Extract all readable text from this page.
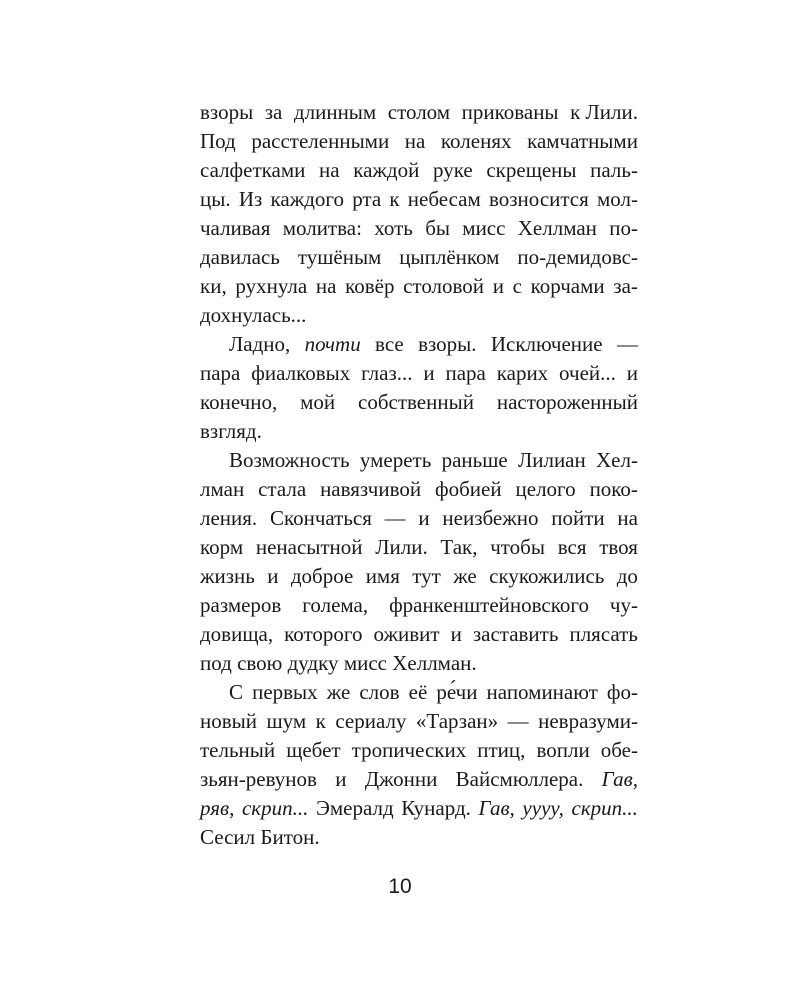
взоры за длинным столом прикованы к Лили.
Под расстеленными на коленях камчатными
салфетками на каждой руке скрещены паль-
цы. Из каждого рта к небесам возносится мол-
чаливая молитва: хоть бы мисс Хеллман по-
давилась тушёным цыплёнком по-демидовс-
ки, рухнула на ковёр столовой и с корчами за-
дохнулась...
Ладно, почти все взоры. Исключение —
пара фиалковых глаз... и пара карих очей... и
конечно, мой собственный настороженный
взгляд.
Возможность умереть раньше Лилиан Хел-
лман стала навязчивой фобией целого поко-
ления. Скончаться — и неизбежно пойти на
корм ненасытной Лили. Так, чтобы вся твоя
жизнь и доброе имя тут же скукожились до
размеров голема, франкенштейновского чу-
довища, которого оживит и заставить плясать
под
свою
дудку
мисс
Хеллман.
С первых же слов её ре́чи напоминают фо-
новый шум к сериалу «Тарзан» — невразуми-
тельный щебет тропических птиц, вопли обе-
зьян-ревунов и Джонни Вайсмюллера. Гав,
ряв, скрип... Эмералд Кунард. Гав, уууу, скрип...
Сесил
Битон.
10
